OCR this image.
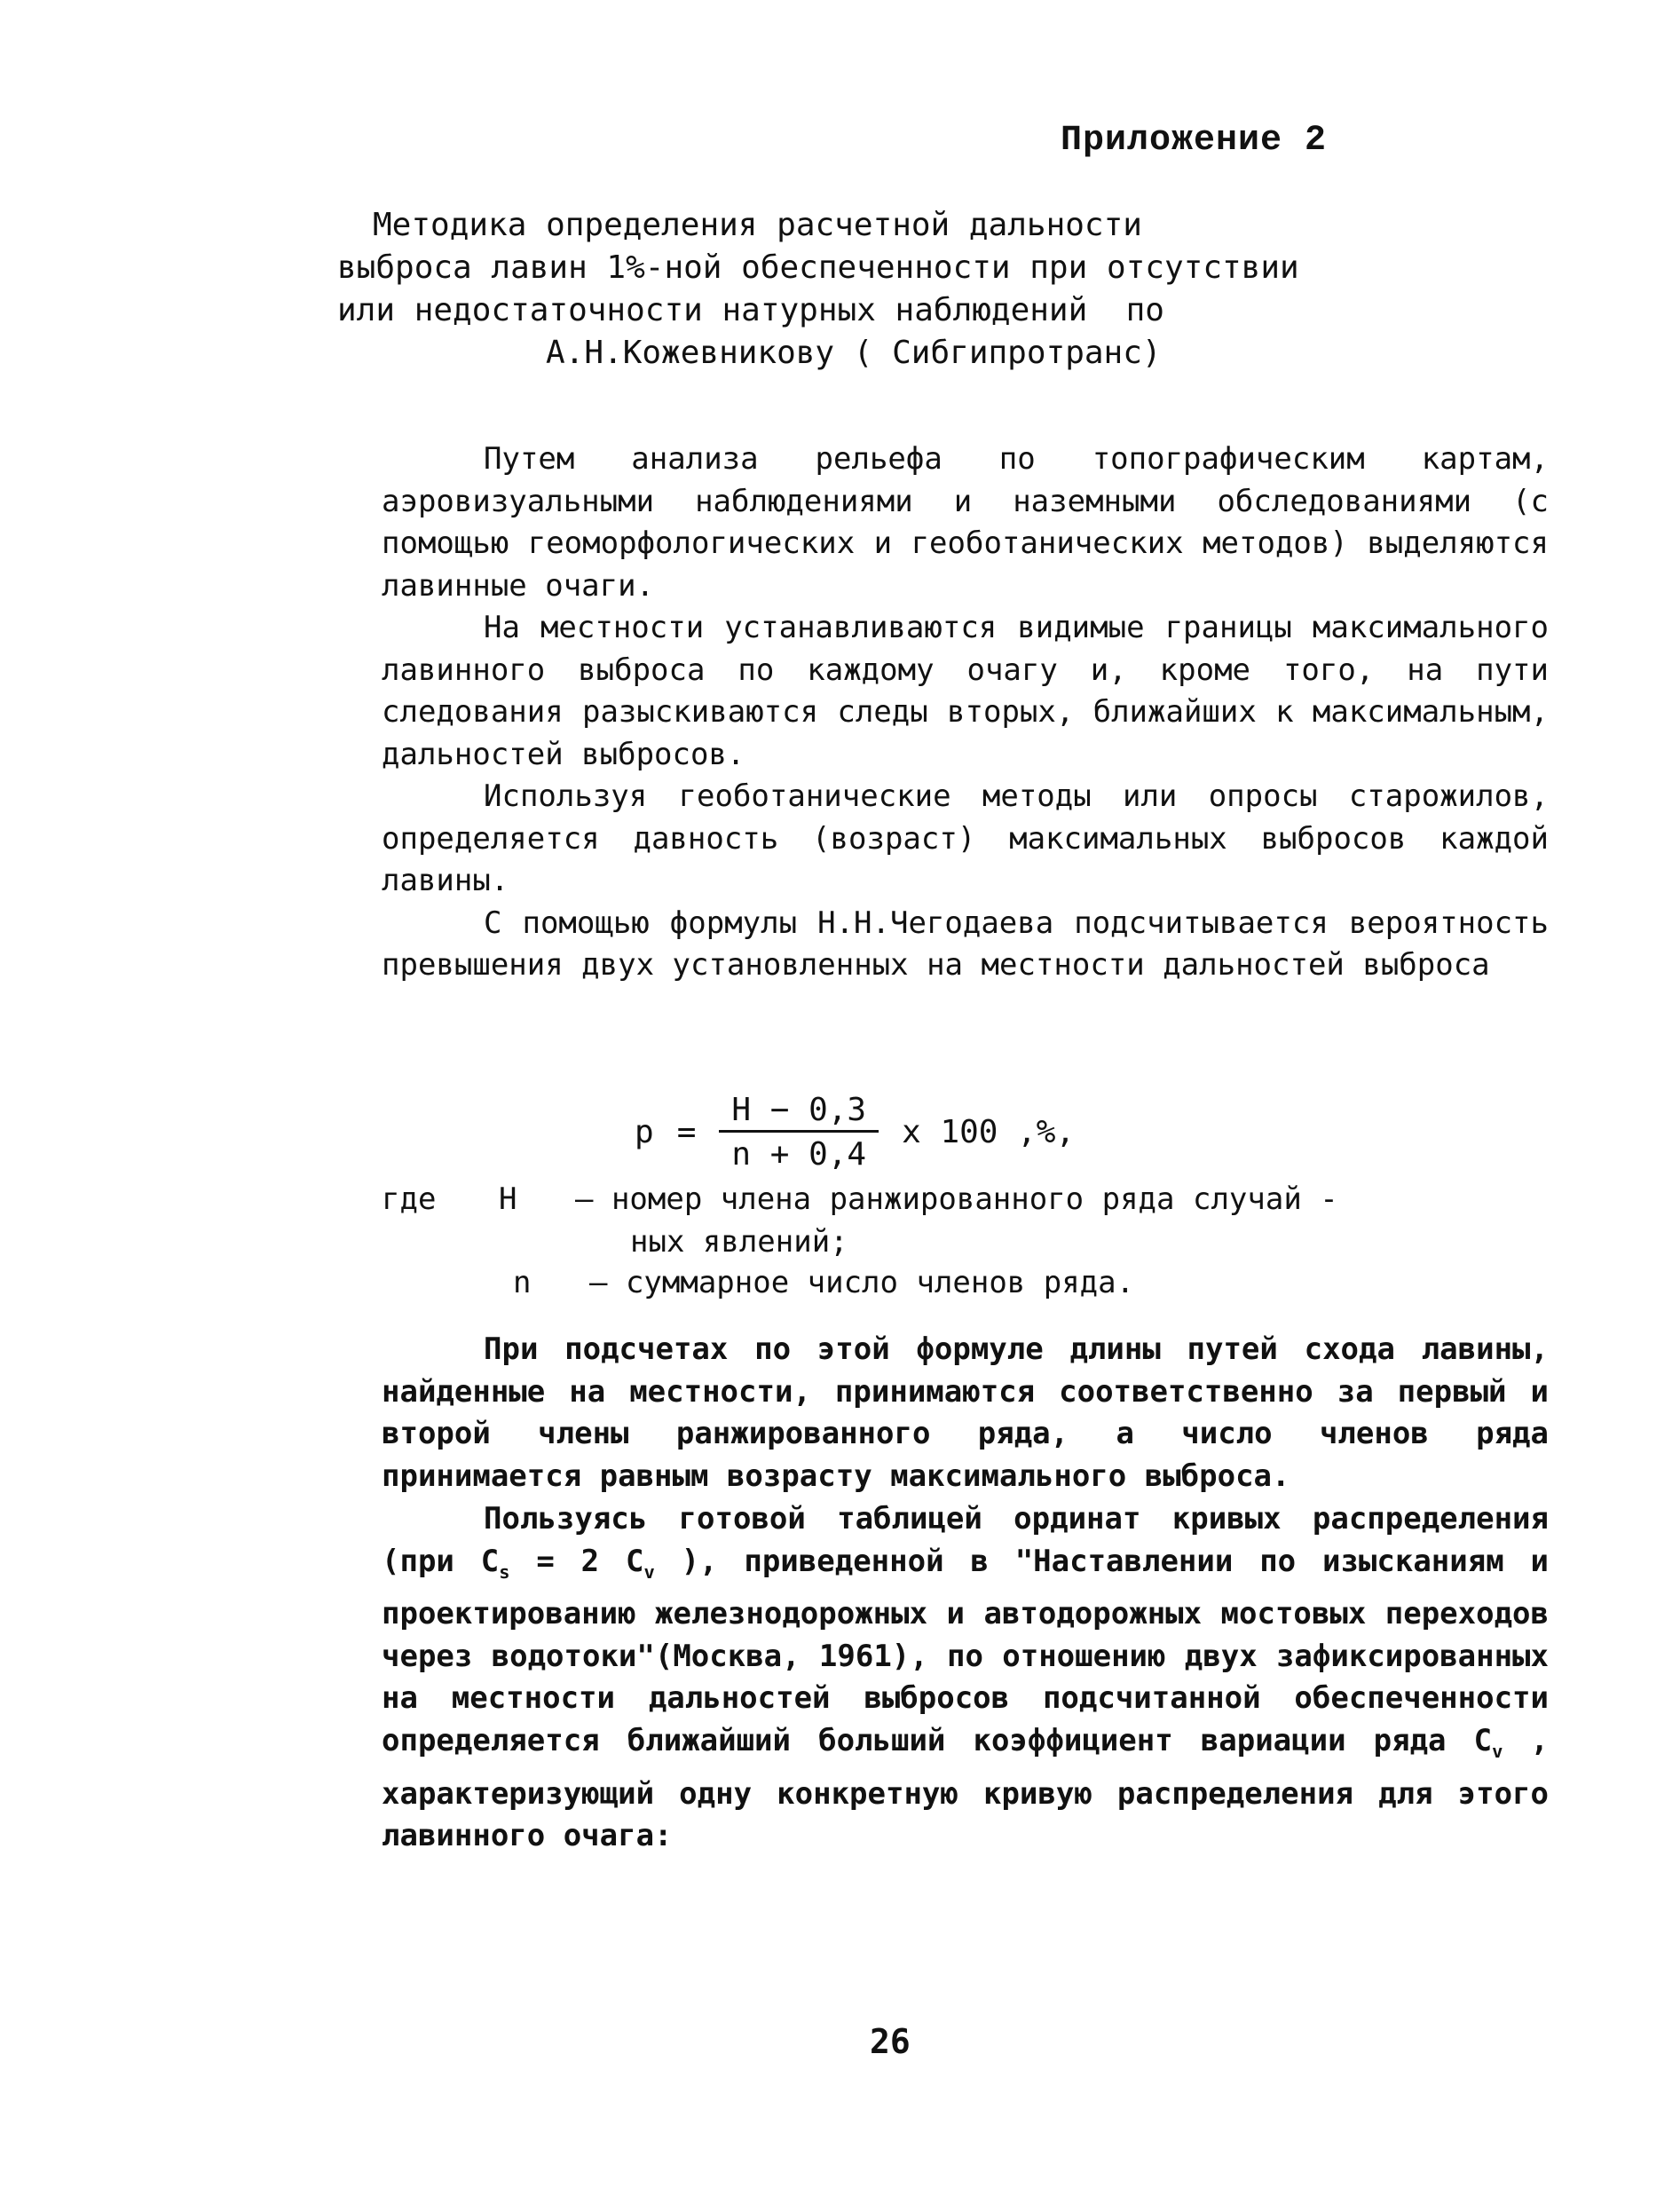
Приложение 2

Методика определения расчетной дальности
выброса лавин 1%-ной обеспеченности при отсутствии
или недостаточности натурных наблюдений  по
А.Н.Кожевникову ( Сибгипротранс)

Путем анализа рельефа по топографическим картам, аэровизуальными наблюдениями и наземными обследованиями (с помощью геоморфологических и геоботанических методов) выделяются лавинные очаги.

На местности устанавливаются видимые границы максимального лавинного выброса по каждому очагу и, кроме того, на пути следования разыскиваются следы вторых, ближайших к максимальным, дальностей выбросов.

Используя геоботанические методы или опросы старожилов, определяется давность (возраст) максимальных выбросов каждой лавины.

С помощью формулы Н.Н.Чегодаева подсчитывается вероятность превышения двух установленных на местности дальностей выброса

$р = \frac{Н - 0,3}{n + 0,4}$ х 100 ,%,
где Н – номер члена ранжированного ряда случай -
ных явлений;
n – суммарное число членов ряда.

При подсчетах по этой формуле длины путей схода лавины, найденные на местности, принимаются соответственно за первый и второй члены ранжированного ряда, а число членов ряда принимается равным возрасту максимального выброса.

Пользуясь готовой таблицей ординат кривых распределения (при $C_s = 2$ $C_v$ ), приведенной в "Наставлении по изысканиям и проектированию железнодорожных и автодорожных мостовых переходов через водотоки"(Москва, 1961), по отношению двух зафиксированных на местности дальностей выбросов подсчитанной обеспеченности определяется ближайший больший коэффициент вариации ряда $C_v$ , характеризующий одну конкретную кривую распределения для этого лавинного очага:

26
